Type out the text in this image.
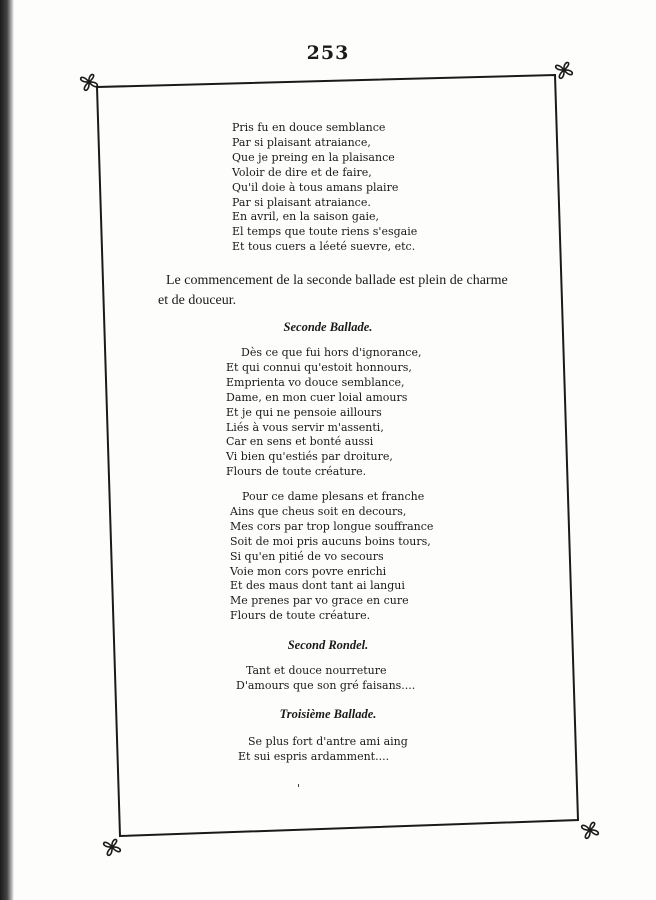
253
Pris fu en douce semblance
Par si plaisant atraiance,
Que je preing en la plaisance
Voloir de dire et de faire,
Qu'il doie à tous amans plaire
Par si plaisant atraiance.
En avril, en la saison gaie,
El temps que toute riens s'esgaie
Et tous cuers a léeté suevre, etc.
Le commencement de la seconde ballade est plein de charme
et de douceur.
Seconde Ballade.
Dès ce que fui hors d'ignorance,
Et qui connui qu'estoit honnours,
Emprienta vo douce semblance,
Dame, en mon cuer loial amours
Et je qui ne pensoie aillours
Liés à vous servir m'assenti,
Car en sens et bonté aussi
Vi bien qu'estiés par droiture,
Flours de toute créature.
Pour ce dame plesans et franche
Ains que cheus soit en decours,
Mes cors par trop longue souffrance
Soit de moi pris aucuns boins tours,
Si qu'en pitié de vo secours
Voie mon cors povre enrichi
Et des maus dont tant ai langui
Me prenes par vo grace en cure
Flours de toute créature.
Second Rondel.
Tant et douce nourreture
D'amours que son gré faisans....
Troisième Ballade.
Se plus fort d'antre ami aing
Et sui espris ardamment....
'
